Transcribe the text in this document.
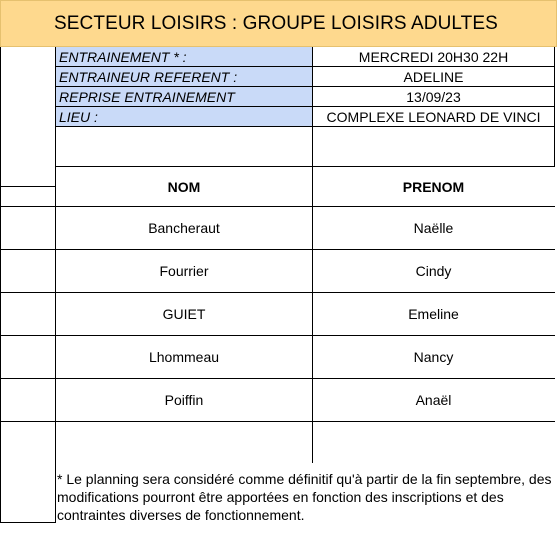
SECTEUR LOISIRS : GROUPE LOISIRS ADULTES
ENTRAINEMENT * :	MERCREDI 20H30 22H
ENTRAINEUR REFERENT :	ADELINE
REPRISE ENTRAINEMENT	13/09/23
LIEU :	COMPLEXE LEONARD DE VINCI
NOM	PRENOM
Bancheraut	Naëlle
Fourrier	Cindy
GUIET	Emeline
Lhommeau	Nancy
Poiffin	Anaël
* Le planning sera considéré comme définitif qu'à partir de la fin septembre, des modifications pourront être apportées en fonction des inscriptions et des contraintes diverses de fonctionnement.
